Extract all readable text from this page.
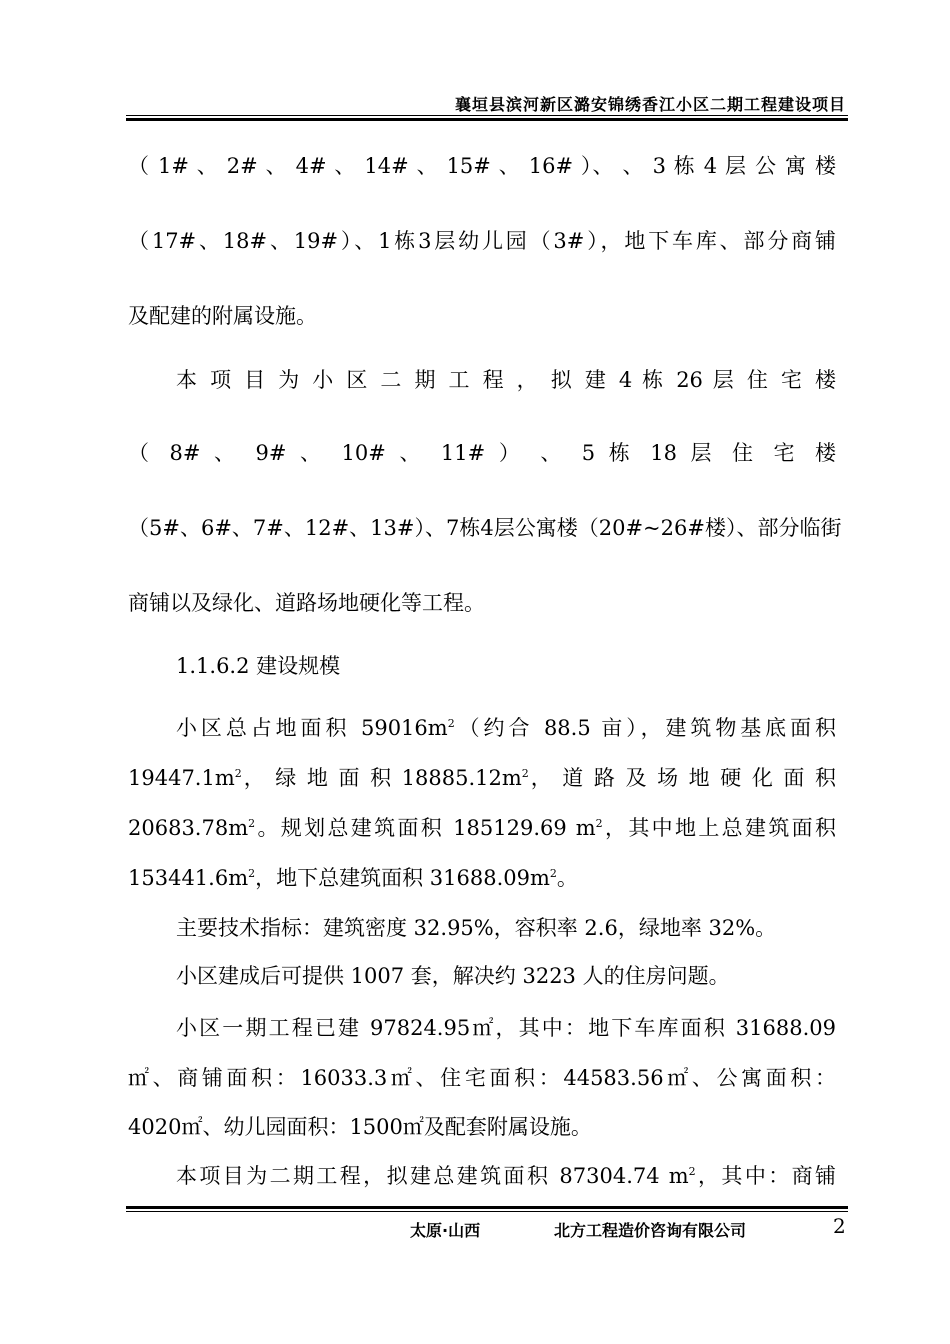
襄垣县滨河新区潞安锦绣香江小区二期工程建设项目
（ 1# 、 2# 、 4# 、 14# 、 15# 、 16# ）、 、 3 栋 4 层 公 寓 楼
（17#、18#、19#）、1栋3层幼儿园（3#），地下车库、部分商铺
及配建的附属设施。
本 项 目 为 小 区 二 期 工 程 ， 拟 建 4 栋 26 层 住 宅 楼
（ 8# 、 9# 、 10# 、 11# ） 、 5 栋 18 层 住 宅 楼
（5#、6#、7#、12#、13#）、7栋4层公寓楼（20#~26#楼）、部分临街
商铺以及绿化、道路场地硬化等工程。
1.1.6.2 建设规模
小区总占地面积 $59016m^2$（约合 88.5 亩），建筑物基底面积
$19447.1m^2$， 绿 地 面 积 $18885.12m^2$， 道 路 及 场 地 硬 化 面 积
$20683.78m^2$。规划总建筑面积 185129.69 $m^2$，其中地上总建筑面积
$153441.6m^2$，地下总建筑面积 $31688.09m^2$。
主要技术指标：建筑密度 32.95%，容积率 2.6，绿地率 32%。
小区建成后可提供 1007 套，解决约 3223 人的住房问题。
小区一期工程已建 97824.95㎡，其中：地下车库面积 31688.09
㎡、商铺面积：16033.3㎡、住宅面积：44583.56㎡、公寓面积：
4020㎡、幼儿园面积：1500㎡及配套附属设施。
本项目为二期工程，拟建总建筑面积 87304.74 $m^2$，其中：商铺
太原·山西	北方工程造价咨询有限公司	2
